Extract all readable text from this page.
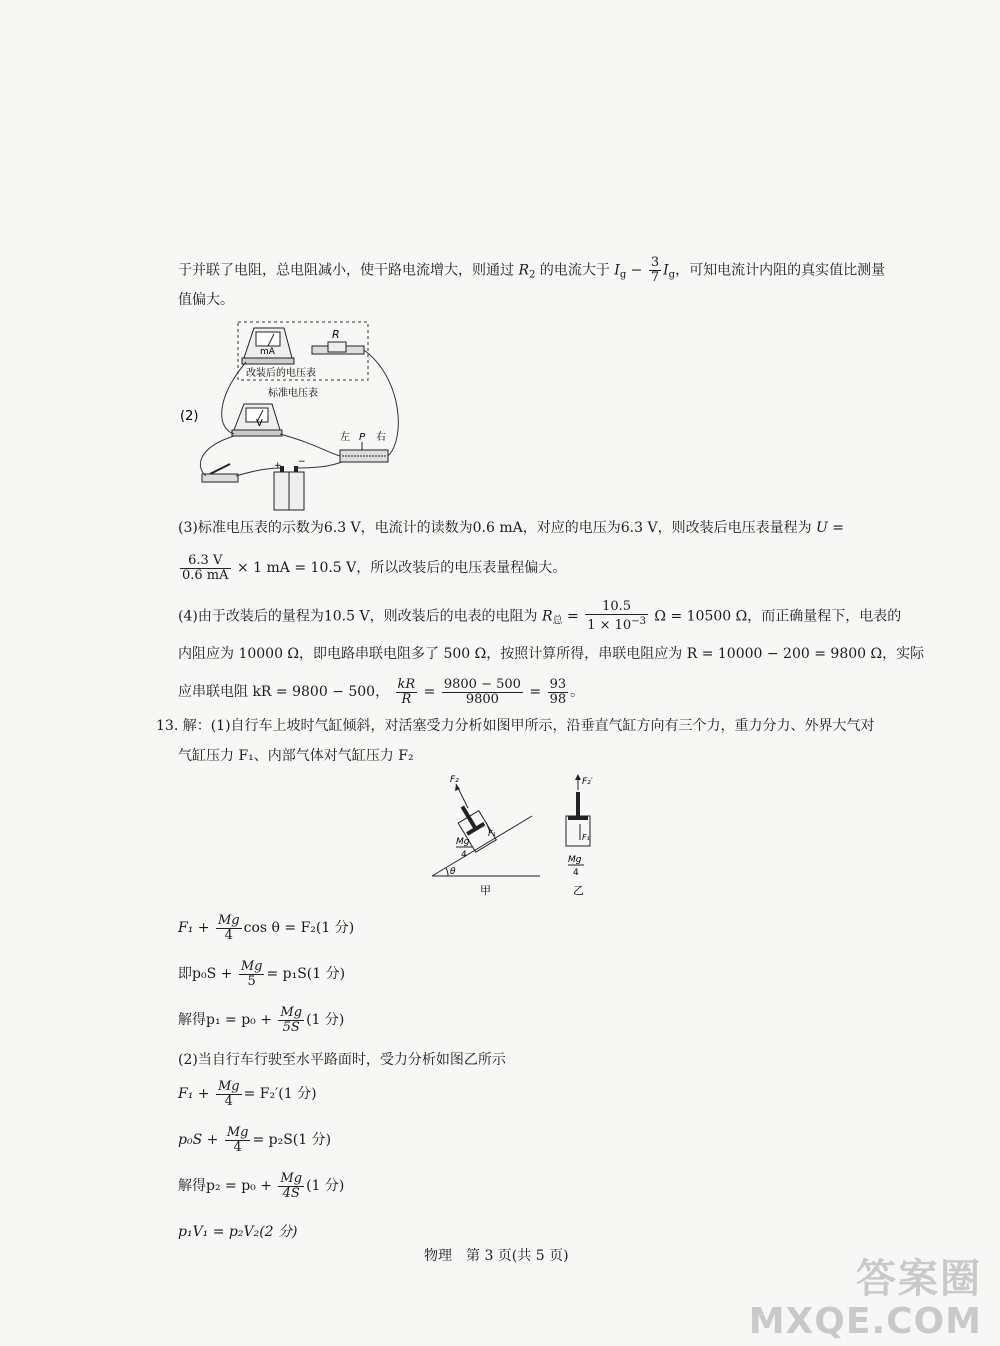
于并联了电阻，总电阻减小，使干路电流增大，则通过 $R_2$ 的电流大于 $I_g - \frac{3}{7} I_g$，可知电流计内阻的真实值比测量
值偏大。
(2)
mA
R
改装后的电压表
标准电压表
V
左 P 右
+ −
(3)标准电压表的示数为6.3 V，电流计的读数为0.6 mA，对应的电压为6.3 V，则改装后电压表量程为 U =
$\frac{6.3 V}{0.6 mA} \times 1$ mA = 10.5 V，所以改装后的电压表量程偏大。
(4)由于改装后的量程为10.5 V，则改装后的电表的电阻为 $R_总 = \frac{10.5}{1 \times 10^{-3}}$ Ω = 10500 Ω，而正确量程下，电表的
内阻应为 10000 Ω，即电路串联电阻多了 500 Ω，按照计算所得，串联电阻应为 R = 10000 − 200 = 9800 Ω，实际
应串联电阻 kR = 9800 − 500， $\frac{kR}{R} = \frac{9800 - 500}{9800} = \frac{93}{98}$ 。
13. 解：(1)自行车上坡时气缸倾斜，对活塞受力分析如图甲所示，沿垂直气缸方向有三个力，重力分力、外界大气对
气缸压力 F₁、内部气体对气缸压力 F₂
θ
F₂
F₁
Mg
4
甲
F₂′
F₁
Mg
4
乙
$F_1 + \frac{Mg}{4}$ cos θ = F₂(1 分)
即$p_0S + \frac{Mg}{5} = p_1S(1$ 分)
解得$p_1 = p_0 + \frac{Mg}{5S} (1$ 分)
(2)当自行车行驶至水平路面时，受力分析如图乙所示
$F_1 + \frac{Mg}{4} = F_2'(1$ 分)
$p_0S + \frac{Mg}{4} = p_2S(1$ 分)
解得$p_2 = p_0 + \frac{Mg}{4S} (1$ 分)
p₁V₁ = p₂V₂(2 分)
物理　第 3 页(共 5 页)	答案圈
MXQE.COM
